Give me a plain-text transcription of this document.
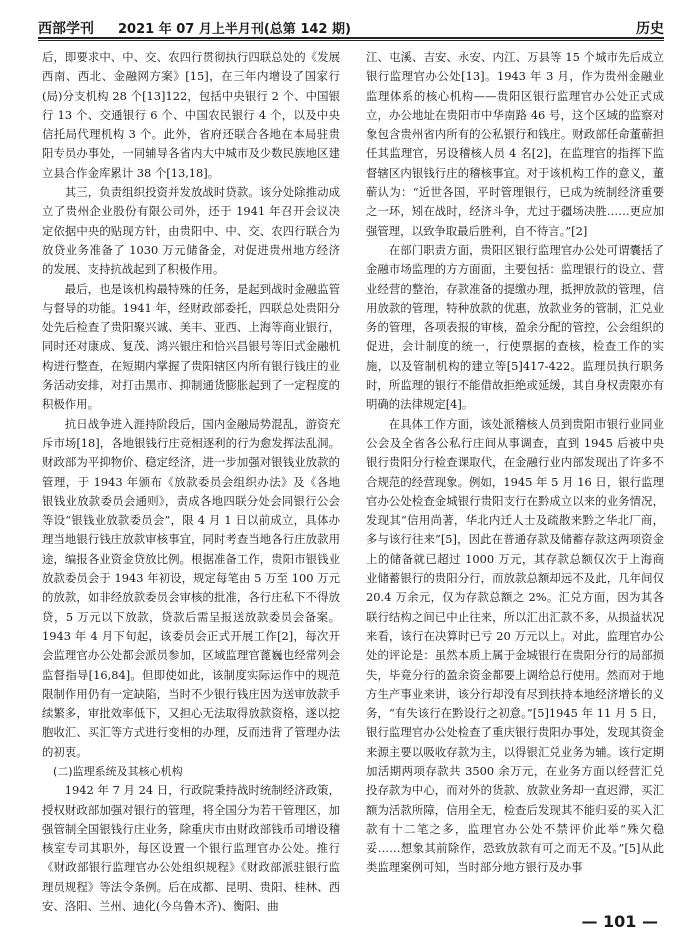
西部学刊 2021 年 07 月上半月刊(总第 142 期)	历史

后，即要求中、中、交、农四行贯彻执行四联总处的《发展西南、西北、金融网方案》[15]，在三年内增设了国家行(局)分支机构 28 个[13]122，包括中央银行 2 个、中国银行 13 个、交通银行 6 个、中国农民银行 4 个，以及中央信托局代理机构 3 个。此外，省府还联合各地在本局驻贵阳专员办事处，一同辅导各省内大中城市及少数民族地区建立县合作金库累计 38 个[13,18]。

其三，负责组织投资并发放战时贷款。该分处除推动成立了贵州企业股份有限公司外，还于 1941 年召开会议决定依据中央的贴现方针，由贵阳中、中、交、农四行联合为放贷业务准备了 1030 万元储备金，对促进贵州地方经济的发展、支持抗战起到了积极作用。

最后，也是该机构最特殊的任务，是起到战时金融监管与督导的功能。1941 年，经财政部委托，四联总处贵阳分处先后检查了贵阳聚兴诚、美丰、亚西、上海等商业银行，同时还对康成、复茂、鸿兴银庄和恰兴昌银号等旧式金融机构进行整查，在短期内掌握了贵阳辖区内所有银行钱庄的业务活动安排，对打击黑市、抑制通货膨胀起到了一定程度的积极作用。

抗日战争进入涯持阶段后，国内金融局势混乱，游资充斥市场[18]，各地银钱行庄竞相逐利的行为愈发挥法乱洞。财政部为平抑物价、稳定经济，进一步加强对银钱业放款的管理，于 1943 年颁布《放款委员会组织办法》及《各地银钱业放款委员会通则》，责成各地四联分处会同银行公会等设“银钱业放款委员会”，限 4 月 1 日以前成立，具体办理当地银行钱庄放款审核事宜，同时考查当地各行庄放款用途，编报各业资金贷放比例。根据准备工作，贵阳市银钱业放款委员会于 1943 年初设，规定每笔由 5 万至 100 万元的放款，如非经放款委员会审核的批准，各行庄私下不得放贷，5 万元以下放款，贷款后需呈报送放款委员会备案。1943 年 4 月下旬起，该委员会正式开展工作[2]，每次开会监理官办公处都会派员参加，区域监理官蓖巍也经常列会监督指导[16,84]。但即使如此，该制度实际运作中的规范限制作用仍有一定缺陷，当时不少银行钱庄因为送审放款手续繁多，审批效率低下，又担心无法取得放款资格，遂以挖胞收汇、买汇等方式进行变相的办理，反而违背了管理办法的初衷。

(二)监理系统及其核心机构

1942 年 7 月 24 日，行政院秉持战时统制经济政策，授权财政部加强对银行的管理，将全国分为若干管理区，加强管制全国银钱行庄业务，除重庆市由财政部钱币司增设稽核室专司其职外，每区设置一个银行监理官办公处。推行《财政部银行监理官办公处组织规程》《财政部派驻银行监理员规程》等法令条例。后在成都、昆明、贵阳、桂林、西安、洛阳、兰州、迪化(今乌鲁木齐)、衡阳、曲

江、屯溪、吉安、永安、内江、万县等 15 个城市先后成立银行监理官办公处[13]。1943 年 3 月，作为贵州金融业监理体系的核心机构——贵阳区银行监理官办公处正式成立，办公地址在贵阳市中华南路 46 号，这个区域的监察对象包含贵州省内所有的公私银行和钱庄。财政部任命董蕲担任其监理官，另设稽核人员 4 名[2]，在监理官的指挥下监督辖区内银钱行庄的稽核事宜。对于该机构工作的意义，董蕲认为：“近世各国，平时管理银行，已成为统制经济重要之一环，矧在战时，经济斗争，尤过于疆场决胜……更应加强管理，以致争取最后胜利，自不待言。”[2]

在部门职责方面，贵阳区银行监理官办公处可谓囊括了金融市场监理的方方面面，主要包括：监理银行的设立、营业经营的整治，存款准备的提缴办理，抵押放款的管理，信用放款的管理，特种放款的优惠，放款业务的管制，汇兑业务的管理，各项表报的审核，盈余分配的管控，公会组织的促进，会计制度的统一，行使票据的查核，检查工作的实施，以及管制机构的建立等[5]417-422。监理员执行职务时，所监理的银行不能借故拒绝或延缓，其自身权责限亦有明确的法律规定[4]。

在具体工作方面，该处派稽核人员到贵阳市银行业同业公会及全省各公私行庄间从事调查，直到 1945 后被中央银行贵阳分行检查课取代，在金融行业内部发现出了许多不合规范的经营现象。例如，1945 年 5 月 16 日，银行监理官办公处检查金城银行贵阳支行在黔成立以来的业务情况，发现其“信用尚著，华北内迁人士及疏散来黔之华北厂商，多与该行往来”[5]，因此在普通存款及储蓄存款这两项资金上的储备就已超过 1000 万元，其存款总额仅次于上海商业储蓄银行的贵阳分行，而放款总额却远不及此，几年间仅 20.4 万余元，仅为存款总额之 2%。汇兑方面，因为其各联行结构之间已中止往来，所以汇出汇款不多，从损益状况来看，该行在决算时已亏 20 万元以上。对此，监理官办公处的评论是：虽然本质上属于金城银行在贵阳分行的局部损失，毕竟分行的盈余资金都要上调给总行使用。然而对于地方生产事业来讲，该分行却没有尽到扶持本地经济增长的义务，“有失该行在黔设行之初意。”[5]1945 年 11 月 5 日，银行监理官办公处检查了重庆银行贵阳办事处，发现其资金来源主要以吸收存款为主，以得银汇兑业务为辅。该行定期加活期两项存款共 3500 余万元，在业务方面以经营汇兑投存款为中心，而对外的货款、放款业务却一直迟滞，买汇额为活款所障，信用全无，检查后发现其不能归妥的买入汇款有十二笔之多，监理官办公处不禁评价此举“殊欠稳妥……想象其前除作，恐致放款有可之而无不及。”[5]从此类监理案例可知，当时部分地方银行及办事

— 101 —
